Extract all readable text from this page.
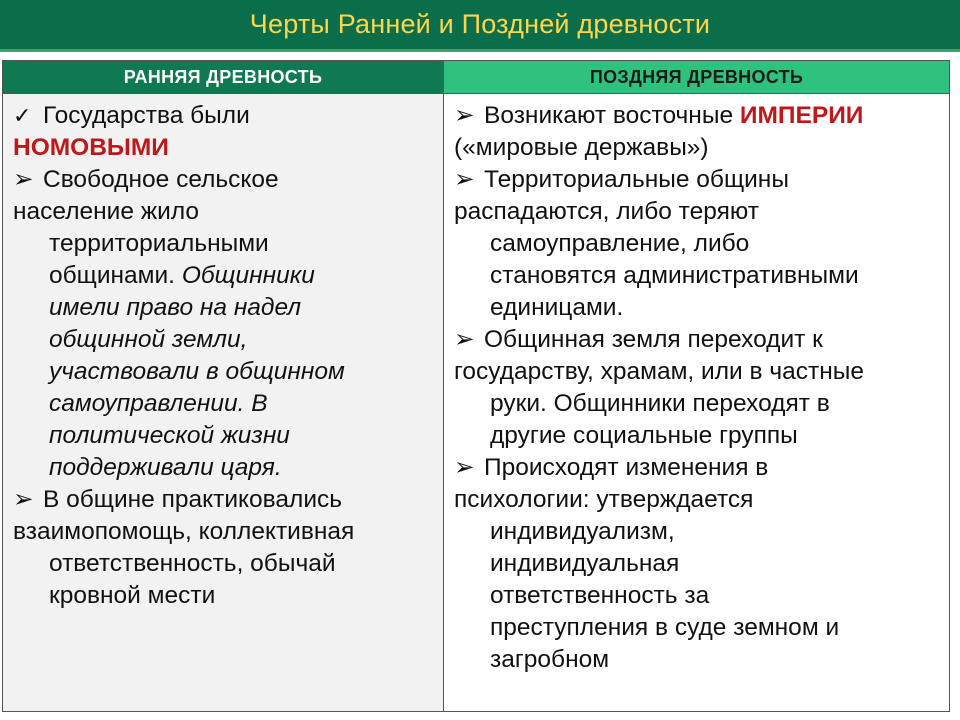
Черты Ранней и Поздней древности
РАННЯЯ ДРЕВНОСТЬ	ПОЗДНЯЯ ДРЕВНОСТЬ
✓ Государства были
НОМОВЫМИ
➢ Свободное сельское
население жило
территориальными
общинами. Общинники
имели право на надел
общинной земли,
участвовали в общинном
самоуправлении. В
политической жизни
поддерживали царя.
➢ В общине практиковались
взаимопомощь, коллективная
ответственность, обычай
кровной мести
➢ Возникают восточные ИМПЕРИИ
(«мировые державы»)
➢ Территориальные общины
распадаются, либо теряют
самоуправление, либо
становятся административными
единицами.
➢ Общинная земля переходит к
государству, храмам, или в частные
руки. Общинники переходят в
другие социальные группы
➢ Происходят изменения в
психологии: утверждается
индивидуализм,
индивидуальная
ответственность за
преступления в суде земном и
загробном
